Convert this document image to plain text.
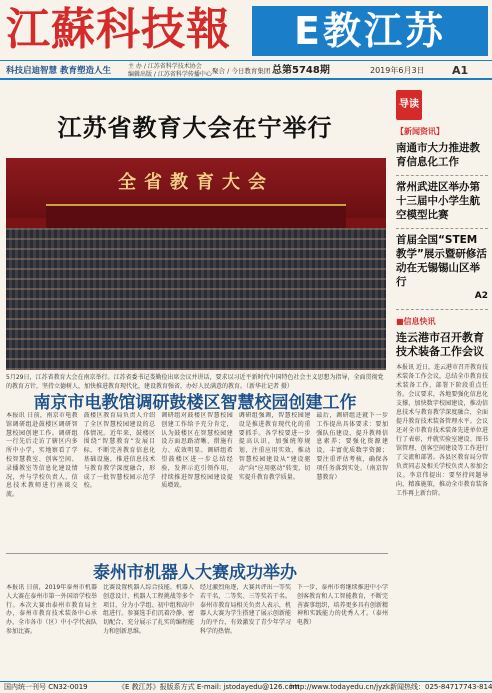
江蘇科技報	E教江苏
科技启迪智慧 教育塑造人生	主 办 / 江苏省科学技术协会
编辑出版 / 江苏省科学传播中心 聚合 / 今日教育集团 总第5748期	2019年6月3日 A1
江苏省教育大会在宁举行
全省教育大会
5月29日，江苏省教育大会在南京举行。江苏省委书记娄勤俭出席会议并讲话，要求以习近平新时代中国特色社会主义思想为指导，全面贯彻党的教育方针，坚持立德树人，加快推进教育现代化，建设教育强省，办好人民满意的教育。（新华社记者 摄）
导读
【新闻资讯】
南通市大力推进教育信息化工作
常州武进区举办第十三届中小学生航空模型比赛
首届全国“STEM 教学”展示暨研修活动在无锡锡山区举行
A2
■信息快讯
连云港市召开教育技术装备工作会议
本报讯 近日，连云港市召开教育技术装备工作会议，总结全市教育技术装备工作，部署下阶段重点任务。会议要求，各地要强化信息化支撑，加快数字校园建设，推动信息技术与教育教学深度融合，全面提升教育技术装备管理水平。会议还对全市教育技术装备先进单位进行了表彰，并就实验室建设、图书馆管理、创客空间建设等工作进行了交流和部署。各县区教育局分管负责同志及相关学校负责人参加会议。李京伟提出：要坚持问题导向，精准施策，推动全市教育装备工作再上新台阶。
南京市电教馆调研鼓楼区智慧校园创建工作
本报讯 日前，南京市电教馆调研组赴鼓楼区调研智慧校园创建工作。调研组一行先后走访了辖区内多所中小学，实地察看了学校智慧教室、创客空间、录播教室等信息化建设情况，并与学校负责人、信息技术教师进行座谈交流。
鼓楼区教育局负责人介绍了全区智慧校园建设的总体情况。近年来，鼓楼区围绕“智慧教育”发展目标，不断完善教育信息化基础设施，推进信息技术与教育教学深度融合，形成了一批智慧校园示范学校。
调研组对鼓楼区智慧校园创建工作给予充分肯定，认为鼓楼区在智慧校园建设方面思路清晰、措施有力、成效明显。调研组希望鼓楼区进一步总结经验，发挥示范引领作用，持续推进智慧校园建设提质增效。
调研组强调，智慧校园建设是推进教育现代化的重要抓手。各学校要进一步提高认识，加强统筹规划，注重应用实效，推动智慧校园建设从“建设驱动”向“应用驱动”转变，切实提升教育教学质量。
最后，调研组还就下一步工作提出具体要求：要加强队伍建设，提升教师信息素养；要强化资源建设，丰富优质数字资源；要注重评估考核，确保各项任务落到实处。（南京智慧教育）
泰州市机器人大赛成功举办
本报讯 日前，2019年泰州市机器人大赛在泰州市第一外国语学校举行。本次大赛由泰州市教育局主办，泰州市教育技术装备中心承办，全市各市（区）中小学代表队参加比赛。
比赛设置机器人综合技能、机器人创意设计、机器人工程挑战等多个项目，分为小学组、初中组和高中组进行。参赛选手们沉着冷静、密切配合，充分展示了扎实的编程能力和创新思维。
经过激烈角逐，大赛共评出一等奖若干名，二等奖、三等奖若干名。泰州市教育局相关负责人表示，机器人大赛为学生搭建了展示创新能力的平台，有效激发了青少年学习科学的热情。
下一步，泰州市将继续推进中小学创客教育和人工智能教育，不断完善赛事组织，培养更多具有创新精神和实践能力的优秀人才。（泰州电教）
国内统一刊号 CN32-0019	《E 教江苏》报版系方式 E-mail: jstodayedu@126.com
http://www.todayedu.cn/jyzk 新闻热线：025-84717743-814
